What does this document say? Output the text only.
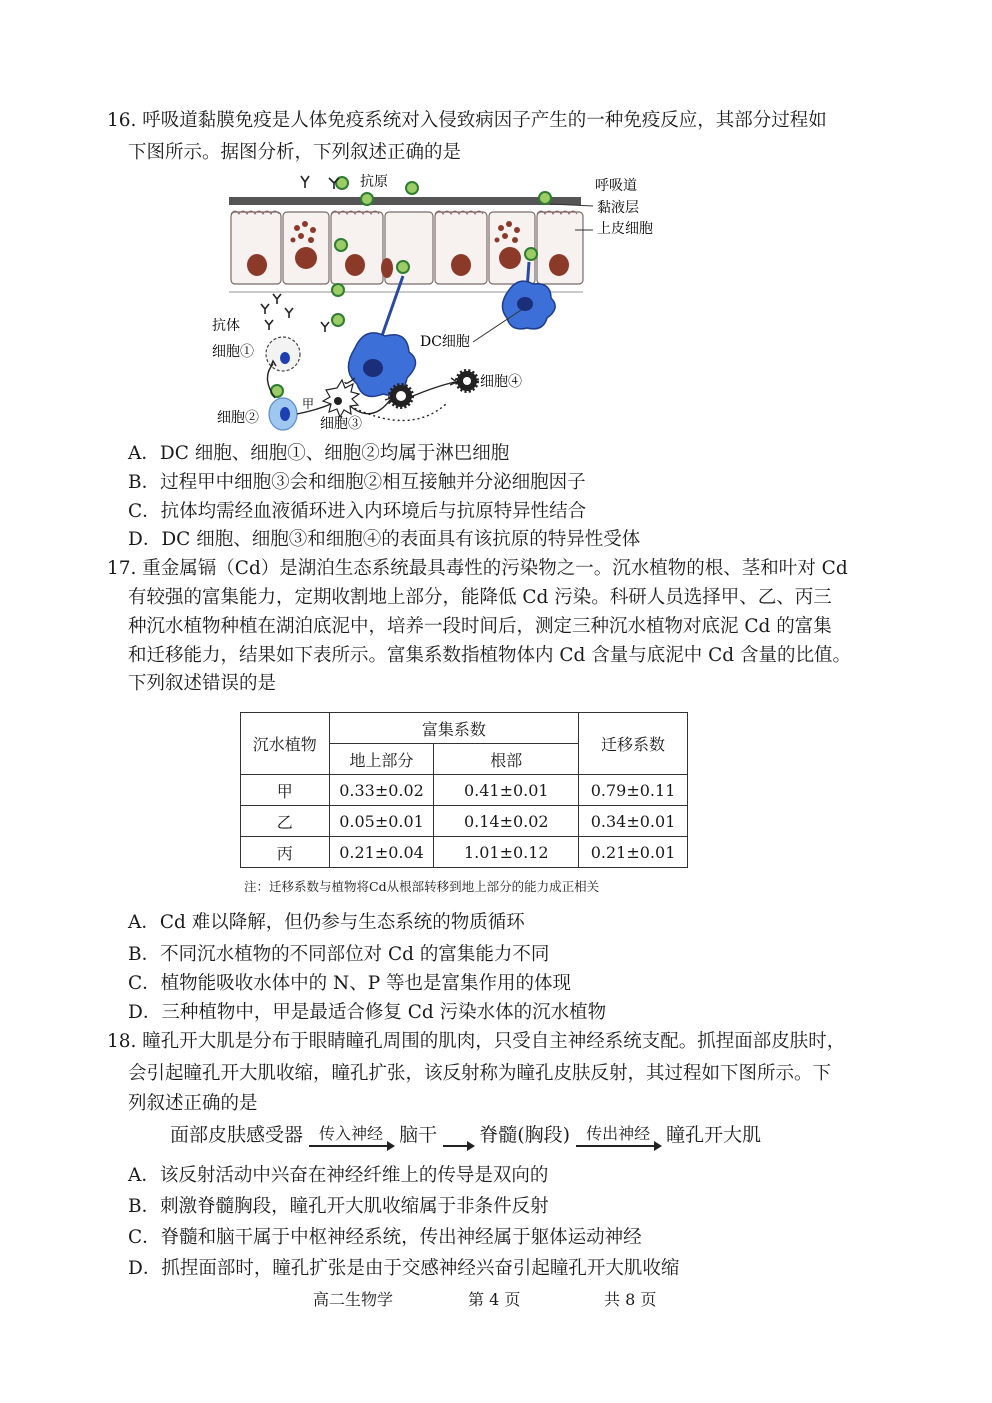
16. 呼吸道黏膜免疫是人体免疫系统对入侵致病因子产生的一种免疫反应，其部分过程如
下图所示。据图分析，下列叙述正确的是
抗原	呼吸道
黏液层
上皮细胞
抗体
细胞①
细胞②	细胞③
细胞④
DC细胞
甲
A．DC 细胞、细胞①、细胞②均属于淋巴细胞
B．过程甲中细胞③会和细胞②相互接触并分泌细胞因子
C．抗体均需经血液循环进入内环境后与抗原特异性结合
D．DC 细胞、细胞③和细胞④的表面具有该抗原的特异性受体
17. 重金属镉（Cd）是湖泊生态系统最具毒性的污染物之一。沉水植物的根、茎和叶对 Cd
有较强的富集能力，定期收割地上部分，能降低 Cd 污染。科研人员选择甲、乙、丙三
种沉水植物种植在湖泊底泥中，培养一段时间后，测定三种沉水植物对底泥 Cd 的富集
和迁移能力，结果如下表所示。富集系数指植物体内 Cd 含量与底泥中 Cd 含量的比值。
下列叙述错误的是
沉水植物	富集系数		迁移系数
	地上部分	根部	
甲	0.33±0.02	0.41±0.01	0.79±0.11
乙	0.05±0.01	0.14±0.02	0.34±0.01
丙	0.21±0.04	1.01±0.12	0.21±0.01
注：迁移系数与植物将Cd从根部转移到地上部分的能力成正相关
A．Cd 难以降解，但仍参与生态系统的物质循环
B．不同沉水植物的不同部位对 Cd 的富集能力不同
C．植物能吸收水体中的 N、P 等也是富集作用的体现
D．三种植物中，甲是最适合修复 Cd 污染水体的沉水植物
18. 瞳孔开大肌是分布于眼睛瞳孔周围的肌肉，只受自主神经系统支配。抓捏面部皮肤时，
会引起瞳孔开大肌收缩，瞳孔扩张，该反射称为瞳孔皮肤反射，其过程如下图所示。下
列叙述正确的是
面部皮肤感受器	传入神经 脑干
脊髓(胸段)	传出神经 瞳孔开大肌
A．该反射活动中兴奋在神经纤维上的传导是双向的
B．刺激脊髓胸段，瞳孔开大肌收缩属于非条件反射
C．脊髓和脑干属于中枢神经系统，传出神经属于躯体运动神经
D．抓捏面部时，瞳孔扩张是由于交感神经兴奋引起瞳孔开大肌收缩
高二生物学	第 4 页	共 8 页
